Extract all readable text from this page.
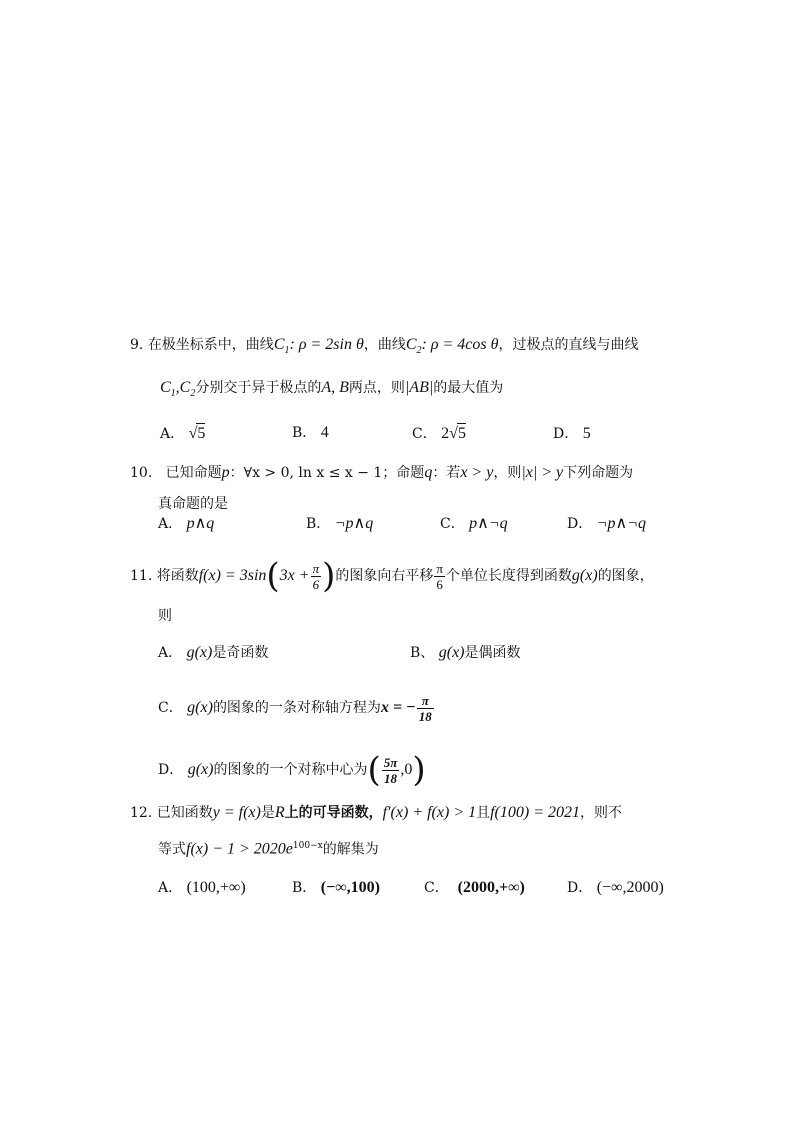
9. 在极坐标系中，曲线$C_1$: ρ = 2sin θ，曲线$C_2$: ρ = 4cos θ，过极点的直线与曲线
$C_1,C_2$分别交于异于极点的A, B两点，则|AB|的最大值为
A． √5	B． 4	C． 2√5	D． 5
10. 已知命题p：∀x > 0, ln x ≤ x − 1；命题q：若x > y，则|x| > y下列命题为
真命题的是
A． p∧q	B． ¬p∧q	C． p∧¬q	D． ¬p∧¬q
11. 将函数$f(x) = 3\sin(3x + \frac{\pi}{6}$ )的图象向右平移 $\frac{\pi}{6}$ 个单位长度得到函数g(x)的图象，
则
A． g(x)是奇函数	B、 g(x)是偶函数
C． g(x)的图象的一条对称轴方程为x = − $\frac{\pi}{18}$
D． g(x)的图象的一个对称中心为( $\frac{5\pi}{18} ,0$)
12. 已知函数y = f(x)是R上的可导函数，f′(x) + f(x) > 1且f(100) = 2021，则不
等式$f(x) - 1 > 2020e^{100-x}$的解集为
A． (100,+∞)	B． (−∞,100)	C． (2000,+∞)	D． (−∞,2000)
